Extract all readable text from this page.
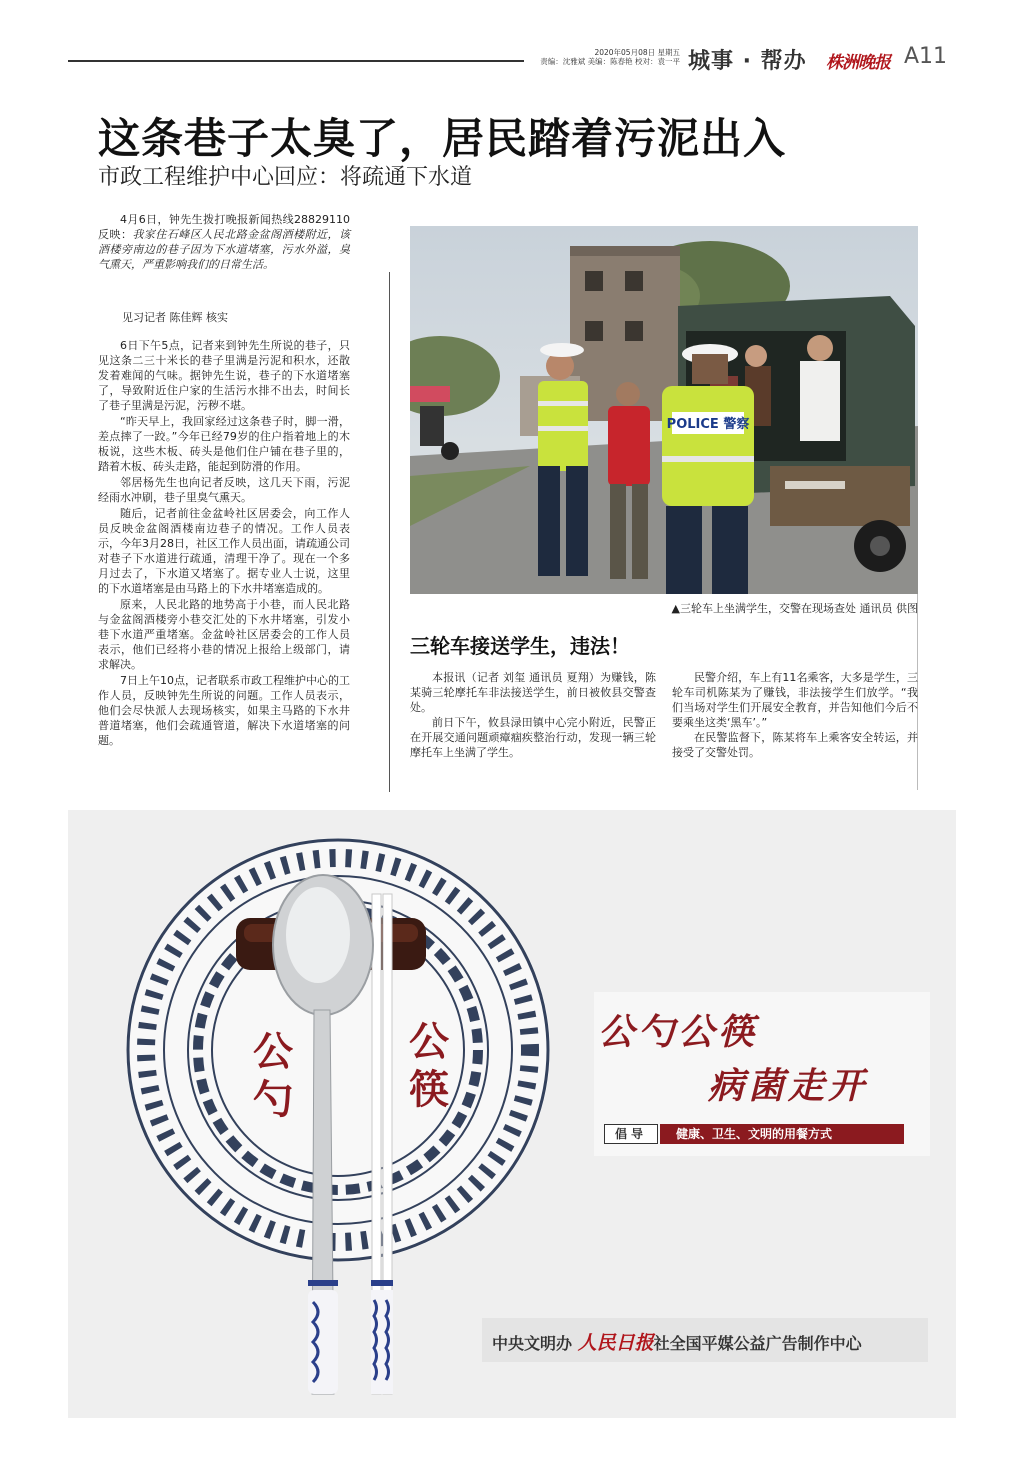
2020年05月08日 星期五
责编：沈雅斌 美编：陈春艳 校对：袁一平 城事 · 帮办 株洲晚报 A11
这条巷子太臭了，居民踏着污泥出入
市政工程维护中心回应：将疏通下水道

4月6日，钟先生拨打晚报新闻热线28829110反映：我家住石峰区人民北路金盆阁酒楼附近，该酒楼旁南边的巷子因为下水道堵塞，污水外溢，臭气熏天，严重影响我们的日常生活。

见习记者 陈佳辉 核实

6日下午5点，记者来到钟先生所说的巷子，只见这条二三十米长的巷子里满是污泥和积水，还散发着难闻的气味。据钟先生说，巷子的下水道堵塞了，导致附近住户家的生活污水排不出去，时间长了巷子里满是污泥，污秽不堪。

“昨天早上，我回家经过这条巷子时，脚一滑，差点摔了一跤。”今年已经79岁的住户指着地上的木板说，这些木板、砖头是他们住户铺在巷子里的，踏着木板、砖头走路，能起到防滑的作用。

邻居杨先生也向记者反映，这几天下雨，污泥经雨水冲刷，巷子里臭气熏天。

随后，记者前往金盆岭社区居委会，向工作人员反映金盆阁酒楼南边巷子的情况。工作人员表示，今年3月28日，社区工作人员出面，请疏通公司对巷子下水道进行疏通，清理干净了。现在一个多月过去了，下水道又堵塞了。据专业人士说，这里的下水道堵塞是由马路上的下水井堵塞造成的。

原来，人民北路的地势高于小巷，而人民北路与金盆阁酒楼旁小巷交汇处的下水井堵塞，引发小巷下水道严重堵塞。金盆岭社区居委会的工作人员表示，他们已经将小巷的情况上报给上级部门，请求解决。

7日上午10点，记者联系市政工程维护中心的工作人员，反映钟先生所说的问题。工作人员表示，他们会尽快派人去现场核实，如果主马路的下水井普道堵塞，他们会疏通管道，解决下水道堵塞的问题。

POLICE 警察
▲三轮车上坐满学生，交警在现场查处 通讯员 供图
三轮车接送学生，违法！

本报讯（记者 刘玺 通讯员 夏翔）为赚钱，陈某骑三轮摩托车非法接送学生，前日被攸县交警查处。

前日下午，攸县渌田镇中心完小附近，民警正在开展交通问题顽瘴痼疾整治行动，发现一辆三轮摩托车上坐满了学生。

民警介绍，车上有11名乘客，大多是学生，三轮车司机陈某为了赚钱，非法接学生们放学。“我们当场对学生们开展安全教育，并告知他们今后不要乘坐这类‘黑车’。”

在民警监督下，陈某将车上乘客安全转运，并接受了交警处罚。

公勺
公筷
公勺公筷
病菌走开
倡导	健康、卫生、文明的用餐方式
中央文明办 人民日报社全国平媒公益广告制作中心
